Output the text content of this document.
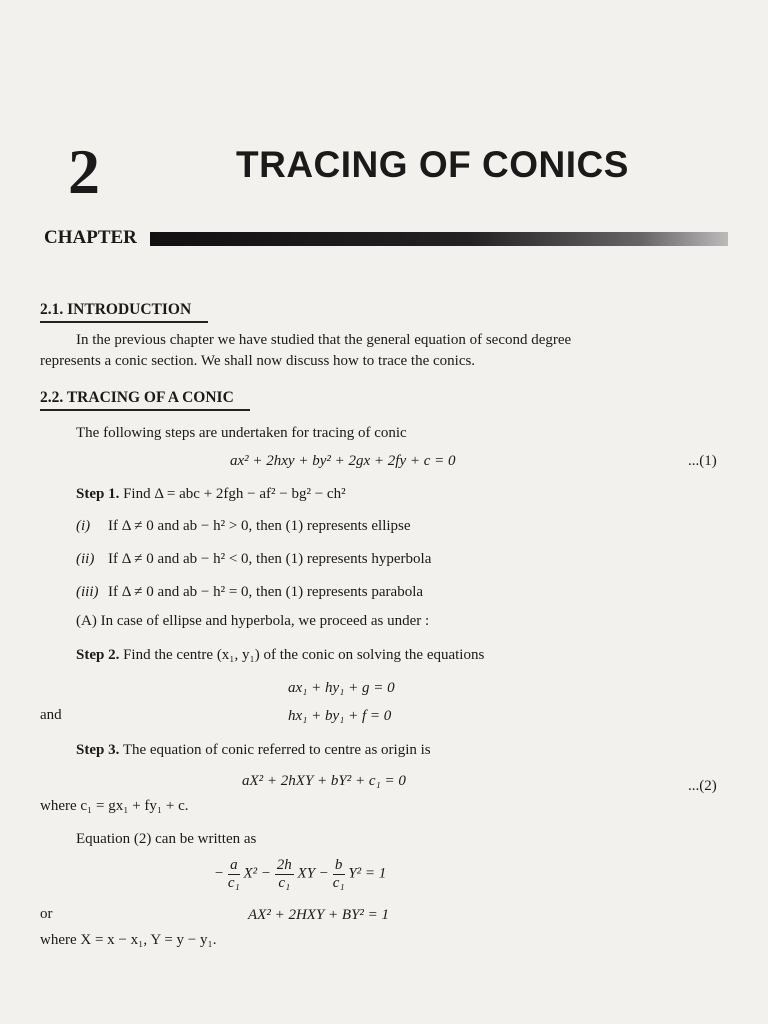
2	TRACING OF CONICS
CHAPTER
2.1. INTRODUCTION
In the previous chapter we have studied that the general equation of second degree
represents a conic section. We shall now discuss how to trace the conics.
2.2. TRACING OF A CONIC
The following steps are undertaken for tracing of conic
ax² + 2hxy + by² + 2gx + 2fy + c = 0	...(1)
Step 1. Find Δ = abc + 2fgh − af² − bg² − ch²
(i) If Δ ≠ 0 and ab − h² > 0, then (1) represents ellipse
(ii) If Δ ≠ 0 and ab − h² < 0, then (1) represents hyperbola
(iii) If Δ ≠ 0 and ab − h² = 0, then (1) represents parabola
(A) In case of ellipse and hyperbola, we proceed as under :
Step 2. Find the centre (x₁, y₁) of the conic on solving the equations
ax₁ + hy₁ + g = 0
and	hx₁ + by₁ + f = 0
Step 3. The equation of conic referred to centre as origin is
aX² + 2hXY + bY² + c₁ = 0	...(2)
where c₁ = gx₁ + fy₁ + c.
Equation (2) can be written as
− $\frac{a}{\text{c₁}} X^2 - \frac{2h}{\text{c₁}}$ XY − $\frac{b}{\text{c₁}} Y^2 = 1$
or	AX² + 2HXY + BY² = 1
where X = x − x₁, Y = y − y₁.
